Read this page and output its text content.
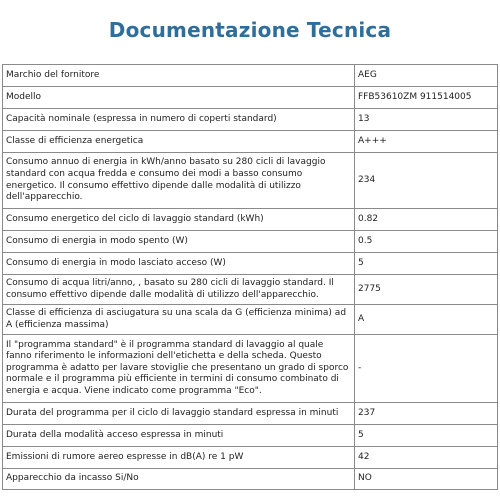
Documentazione Tecnica
Marchio del fornitore	AEG
Modello	FFB53610ZM 911514005
Capacità nominale (espressa in numero di coperti standard)	13
Classe di efficienza energetica	A+++
Consumo annuo di energia in kWh/anno basato su 280 cicli di lavaggio standard con acqua fredda e consumo dei modi a basso consumo energetico. Il consumo effettivo dipende dalle modalità di utilizzo dell'apparecchio.	234
Consumo energetico del ciclo di lavaggio standard (kWh)	0.82
Consumo di energia in modo spento (W)	0.5
Consumo di energia in modo lasciato acceso (W)	5
Consumo di acqua litri/anno, , basato su 280 cicli di lavaggio standard. Il consumo effettivo dipende dalle modalità di utilizzo dell'apparecchio.	2775
Classe di efficienza di asciugatura su una scala da G (efficienza minima) ad A (efficienza massima)	A
Il "programma standard" è il programma standard di lavaggio al quale fanno riferimento le informazioni dell'etichetta e della scheda. Questo programma è adatto per lavare stoviglie che presentano un grado di sporco normale e il programma più efficiente in termini di consumo combinato di energia e acqua. Viene indicato come programma "Eco".	-
Durata del programma per il ciclo di lavaggio standard espressa in minuti	237
Durata della modalità acceso espressa in minuti	5
Emissioni di rumore aereo espresse in dB(A) re 1 pW	42
Apparecchio da incasso Si/No	NO
